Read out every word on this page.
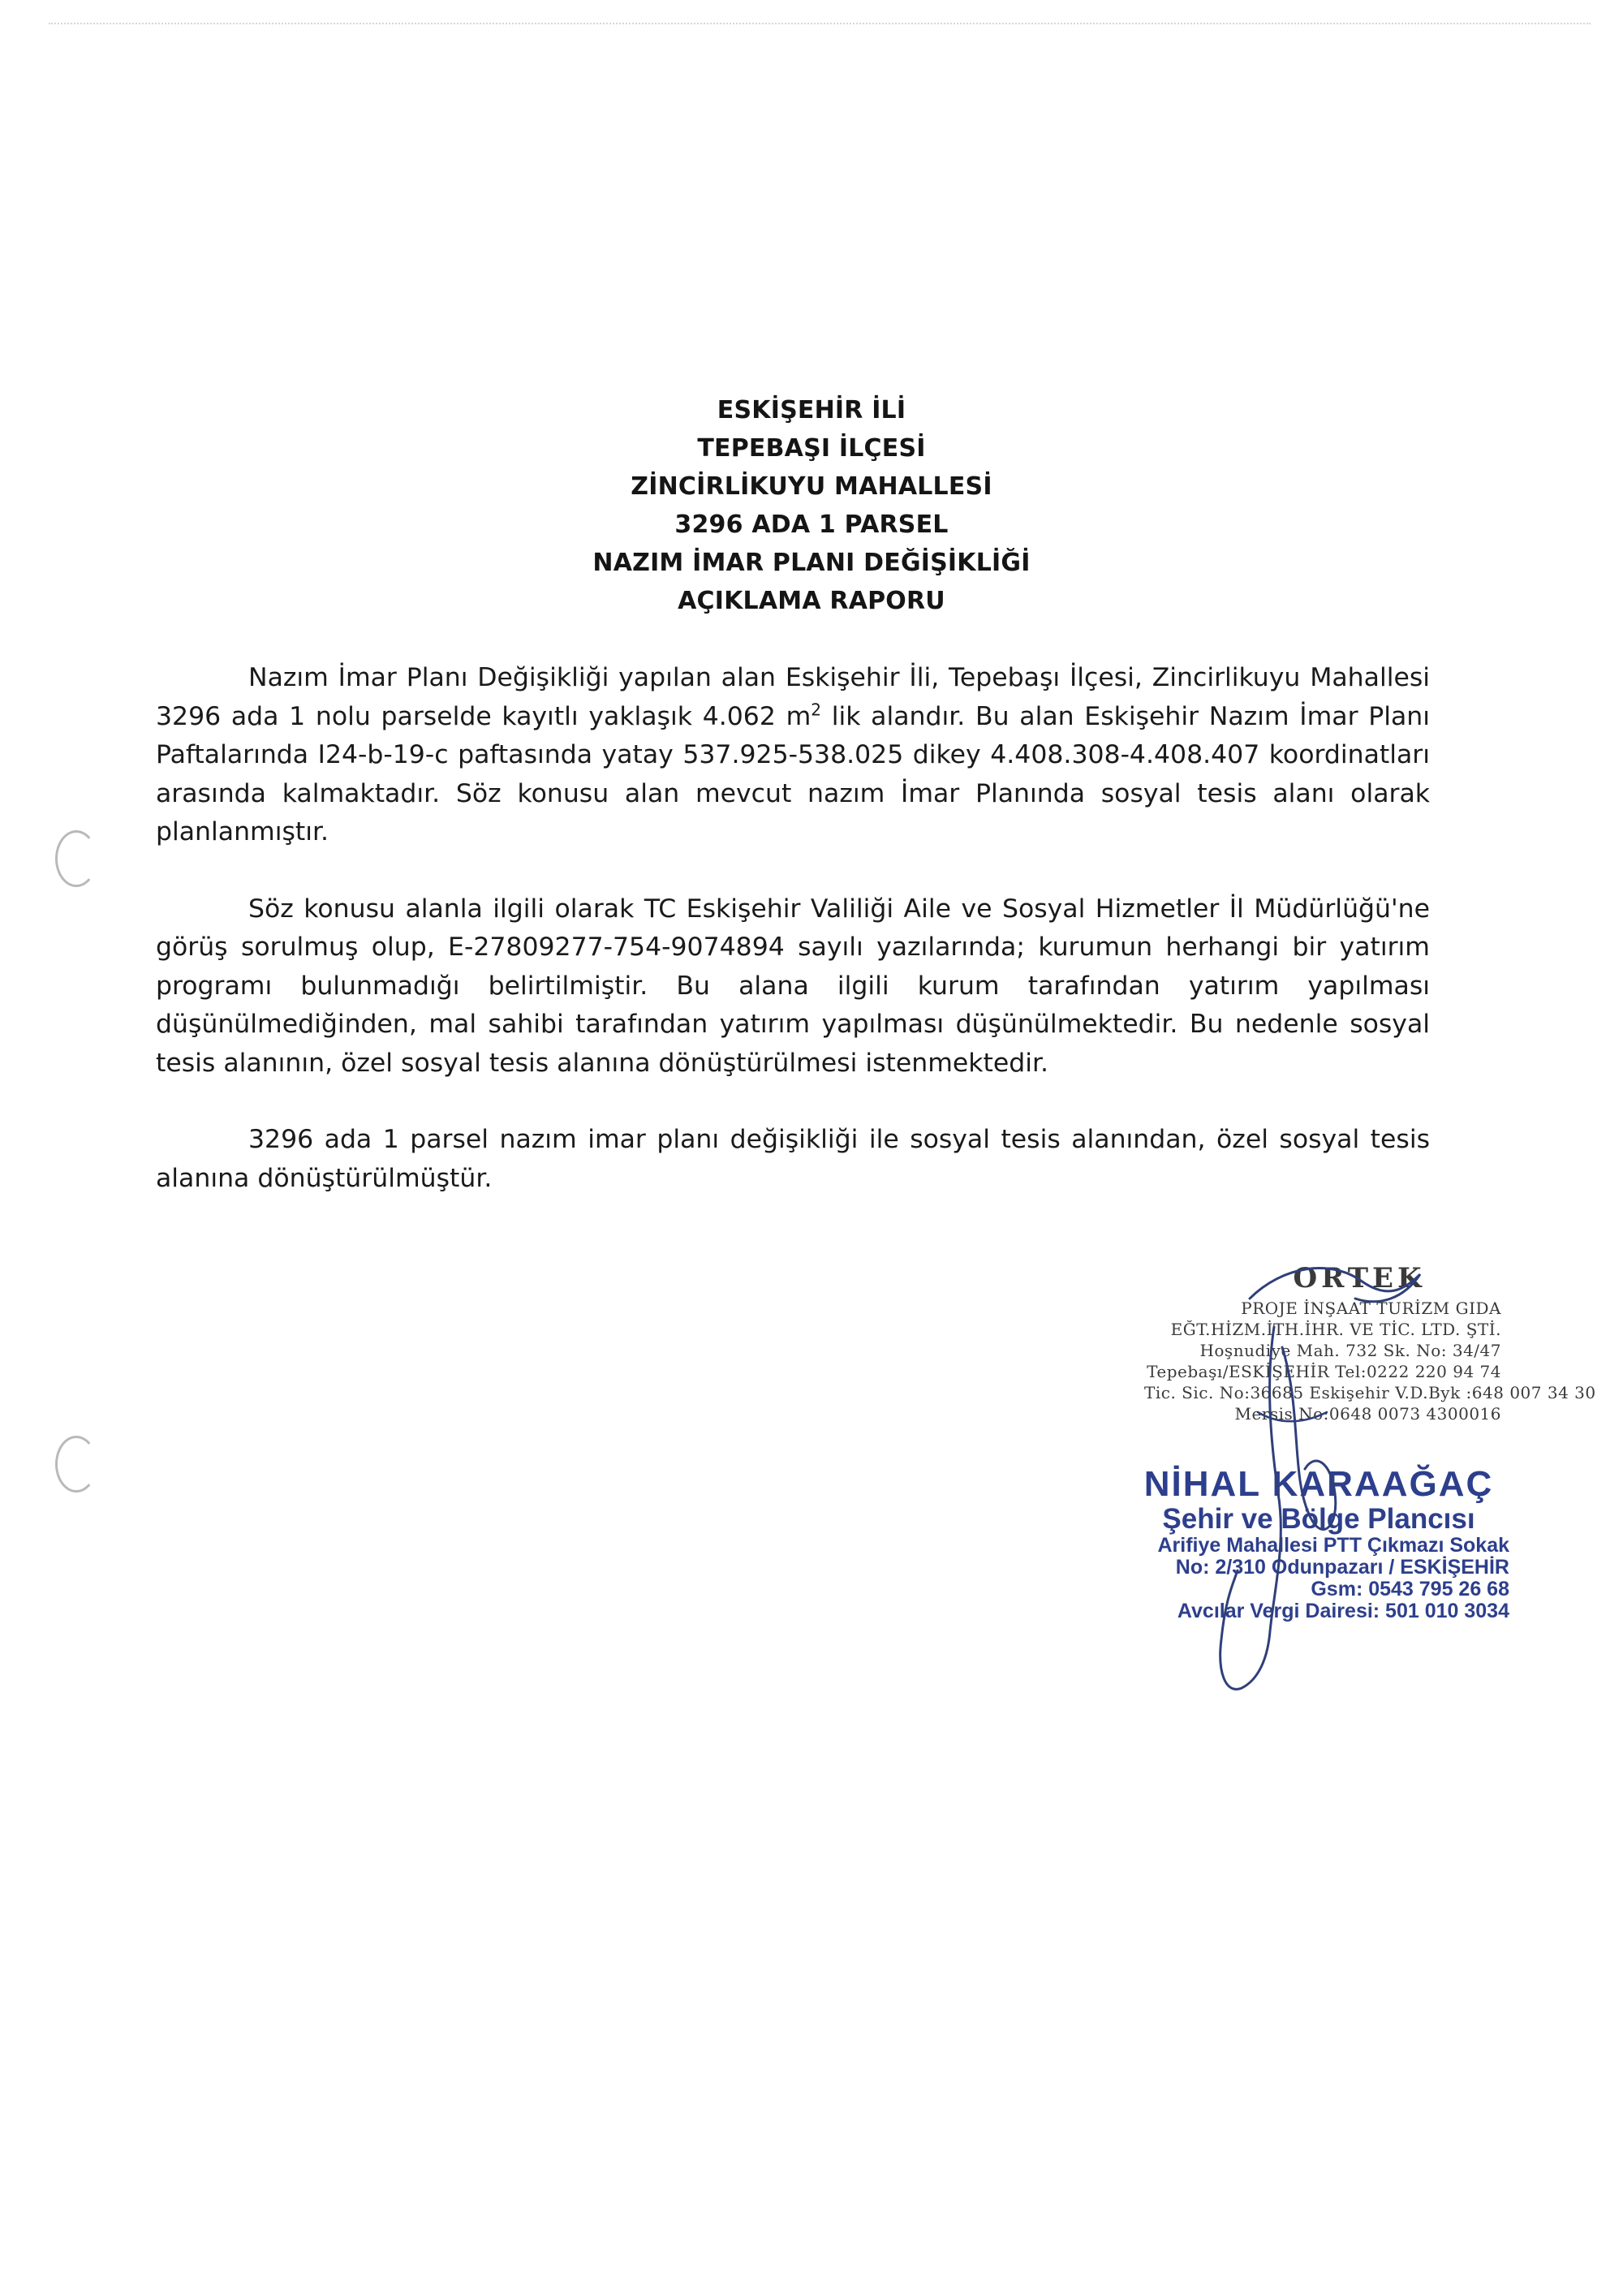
ESKİŞEHİR İLİ
TEPEBAŞI İLÇESİ
ZİNCİRLİKUYU MAHALLESİ
3296 ADA 1 PARSEL
NAZIM İMAR PLANI DEĞİŞİKLİĞİ
AÇIKLAMA RAPORU

Nazım İmar Planı Değişikliği yapılan alan Eskişehir İli, Tepebaşı İlçesi, Zincirlikuyu Mahallesi 3296 ada 1 nolu parselde kayıtlı yaklaşık 4.062 $m^2$ lik alandır. Bu alan Eskişehir Nazım İmar Planı Paftalarında I24-b-19-c paftasında yatay 537.925-538.025 dikey 4.408.308-4.408.407 koordinatları arasında kalmaktadır. Söz konusu alan mevcut nazım İmar Planında sosyal tesis alanı olarak planlanmıştır.

Söz konusu alanla ilgili olarak TC Eskişehir Valiliği Aile ve Sosyal Hizmetler İl Müdürlüğü'ne görüş sorulmuş olup, E-27809277-754-9074894 sayılı yazılarında; kurumun herhangi bir yatırım programı bulunmadığı belirtilmiştir. Bu alana ilgili kurum tarafından yatırım yapılması düşünülmediğinden, mal sahibi tarafından yatırım yapılması düşünülmektedir. Bu nedenle sosyal tesis alanının, özel sosyal tesis alanına dönüştürülmesi istenmektedir.

3296 ada 1 parsel nazım imar planı değişikliği ile sosyal tesis alanından, özel sosyal tesis alanına dönüştürülmüştür.

ORTEK
PROJE İNŞAAT TURİZM GIDA
EĞT.HİZM.İTH.İHR. VE TİC. LTD. ŞTİ.
Hoşnudiye Mah. 732 Sk. No: 34/47
Tepebaşı/ESKİŞEHİR Tel:0222 220 94 74
Tic. Sic. No:36685 Eskişehir V.D.Byk :648 007 34 30
Mersis No:0648 0073 4300016
NİHAL KARAAĞAÇ
Şehir ve Bölge Plancısı
Arifiye Mahallesi PTT Çıkmazı Sokak
No: 2/310 Odunpazarı / ESKİŞEHİR
Gsm: 0543 795 26 68
Avcılar Vergi Dairesi: 501 010 3034
